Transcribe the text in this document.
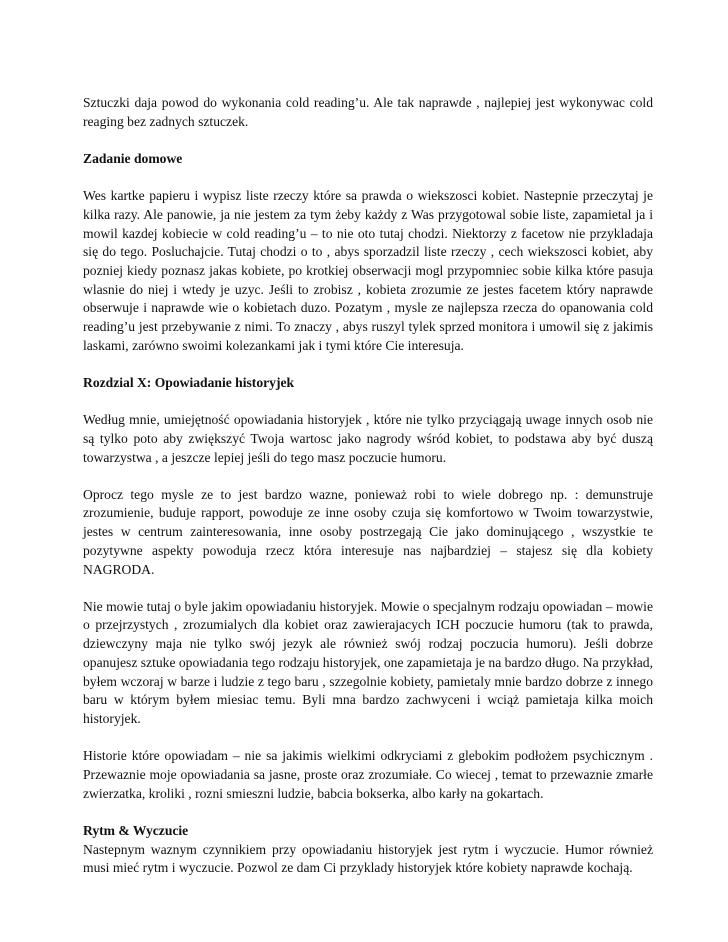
Sztuczki daja powod do wykonania cold reading’u. Ale tak naprawde , najlepiej jest wykonywac cold reaging bez zadnych sztuczek.

Zadanie domowe

Wes kartke papieru i wypisz liste rzeczy które sa prawda o wiekszosci kobiet. Nastepnie przeczytaj je kilka razy. Ale panowie, ja nie jestem za tym żeby każdy z Was przygotowal sobie liste, zapamietal ja i mowil kazdej kobiecie w cold reading’u – to nie oto tutaj chodzi. Niektorzy z facetow nie przykladaja się do tego. Posluchajcie. Tutaj chodzi o to , abys sporzadzil liste rzeczy , cech wiekszosci kobiet, aby pozniej kiedy poznasz jakas kobiete, po krotkiej obserwacji mogl przypomniec sobie kilka które pasuja wlasnie do niej i wtedy je uzyc. Jeśli to zrobisz , kobieta zrozumie ze jestes facetem który naprawde obserwuje i naprawde wie o kobietach duzo. Pozatym , mysle ze najlepsza rzecza do opanowania cold reading’u jest przebywanie z nimi. To znaczy , abys ruszyl tylek sprzed monitora i umowil się z jakimis laskami, zarówno swoimi kolezankami jak i tymi które Cie interesuja.

Rozdzial X: Opowiadanie historyjek

Według mnie, umiejętność opowiadania historyjek , które nie tylko przyciągają uwage innych osob nie są tylko poto aby zwiększyć Twoja wartosc jako nagrody wśród kobiet, to podstawa aby być duszą towarzystwa , a jeszcze lepiej jeśli do tego masz poczucie humoru.

Oprocz tego mysle ze to jest bardzo wazne, ponieważ robi to wiele dobrego np. : demunstruje zrozumienie, buduje rapport, powoduje ze inne osoby czuja się komfortowo w Twoim towarzystwie, jestes w centrum zainteresowania, inne osoby postrzegają Cie jako dominującego , wszystkie te pozytywne aspekty powoduja rzecz która interesuje nas najbardziej – stajesz się dla kobiety NAGRODA.

Nie mowie tutaj o byle jakim opowiadaniu historyjek. Mowie o specjalnym rodzaju opowiadan – mowie o przejrzystych , zrozumialych dla kobiet oraz zawierajacych ICH poczucie humoru (tak to prawda, dziewczyny maja nie tylko swój jezyk ale również swój rodzaj poczucia humoru). Jeśli dobrze opanujesz sztuke opowiadania tego rodzaju historyjek, one zapamietaja je na bardzo długo. Na przykład, byłem wczoraj w barze i ludzie z tego baru , szzegolnie kobiety, pamietaly mnie bardzo dobrze z innego baru w którym byłem miesiac temu. Byli mna bardzo zachwyceni i wciąż pamietaja kilka moich historyjek.

Historie które opowiadam – nie sa jakimis wielkimi odkryciami z glebokim podłożem psychicznym . Przewaznie moje opowiadania sa jasne, proste oraz zrozumiałe. Co wiecej , temat to przewaznie zmarłe zwierzatka, kroliki , rozni smieszni ludzie, babcia bokserka, albo karły na gokartach.

Rytm & Wyczucie

Nastepnym waznym czynnikiem przy opowiadaniu historyjek jest rytm i wyczucie. Humor również musi mieć rytm i wyczucie. Pozwol ze dam Ci przyklady historyjek które kobiety naprawde kochają.
